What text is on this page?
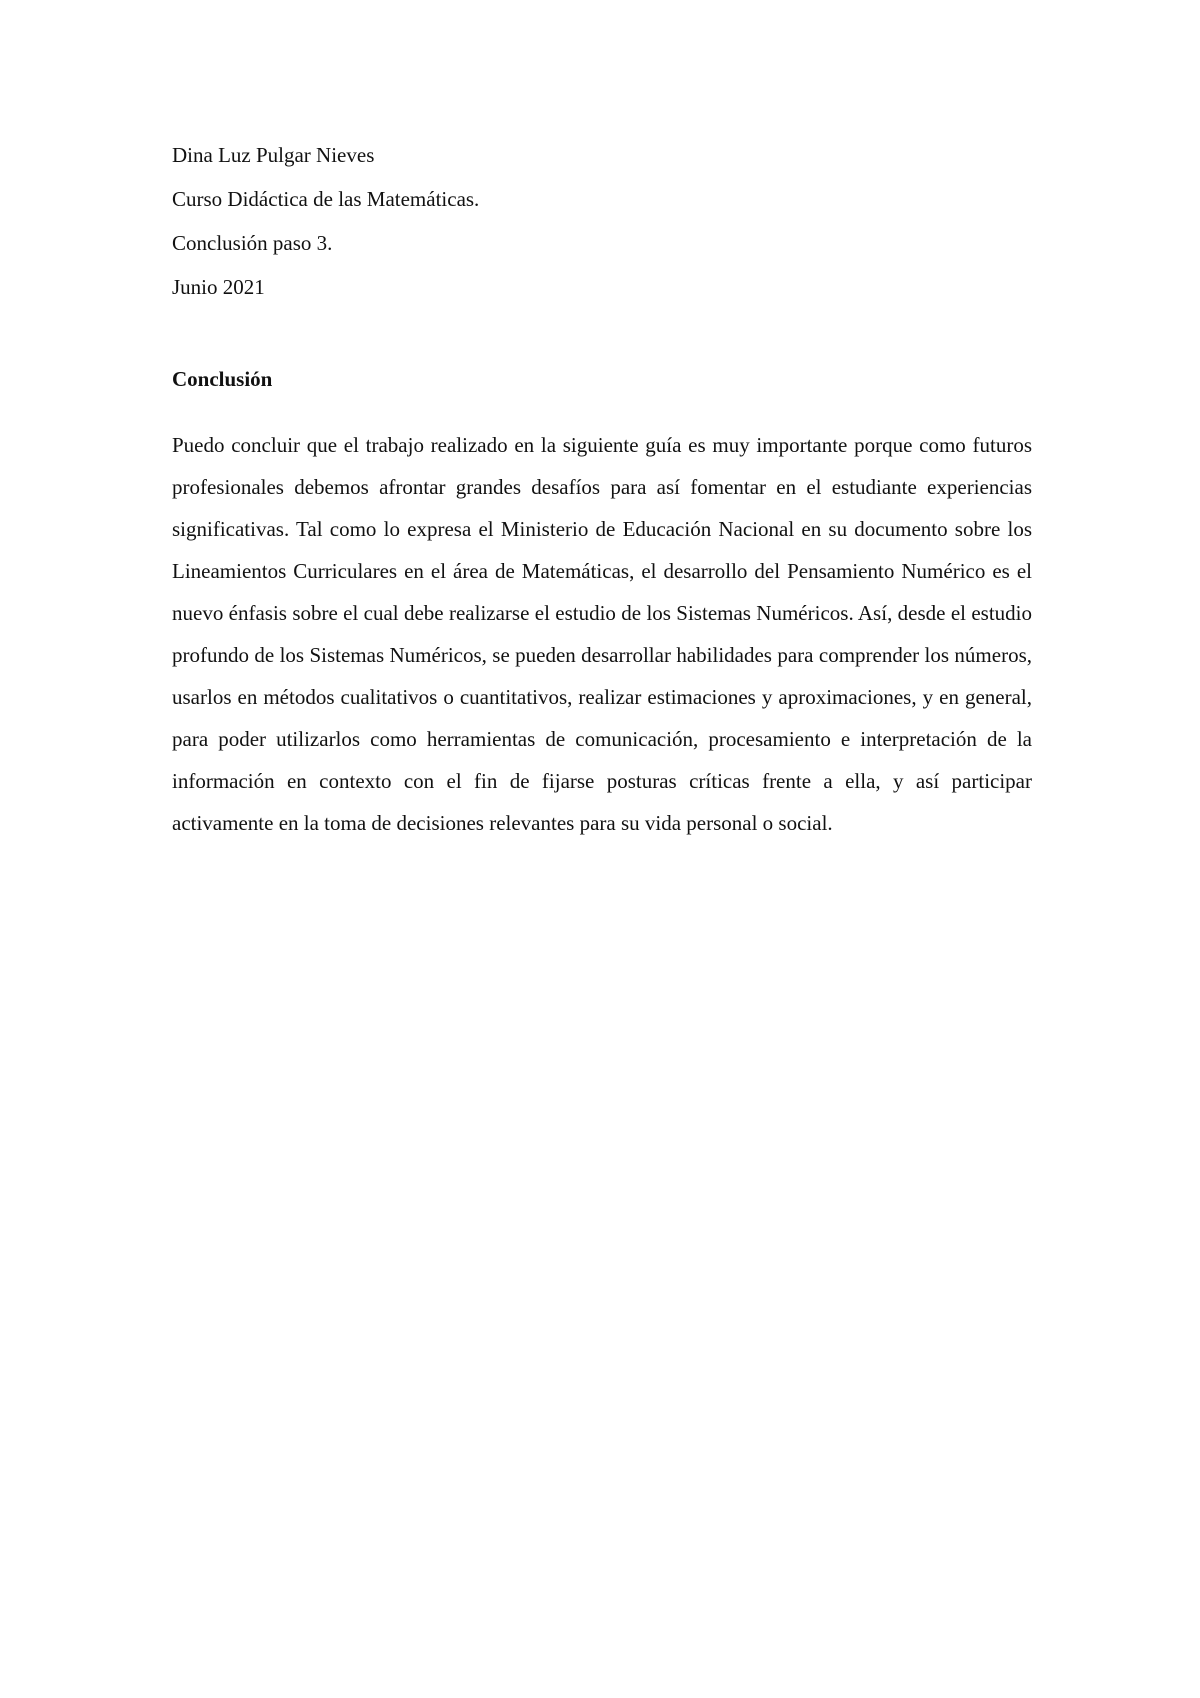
Dina Luz Pulgar Nieves

Curso Didáctica de las Matemáticas.

Conclusión paso 3.

Junio 2021

Conclusión

Puedo concluir que el trabajo realizado en la siguiente guía es muy importante porque como futuros profesionales debemos afrontar grandes desafíos para así fomentar en el estudiante experiencias significativas. Tal como lo expresa el Ministerio de Educación Nacional en su documento sobre los Lineamientos Curriculares en el área de Matemáticas, el desarrollo del Pensamiento Numérico es el nuevo énfasis sobre el cual debe realizarse el estudio de los Sistemas Numéricos. Así, desde el estudio profundo de los Sistemas Numéricos, se pueden desarrollar habilidades para comprender los números, usarlos en métodos cualitativos o cuantitativos, realizar estimaciones y aproximaciones, y en general, para poder utilizarlos como herramientas de comunicación, procesamiento e interpretación de la información en contexto con el fin de fijarse posturas críticas frente a ella, y así participar activamente en la toma de decisiones relevantes para su vida personal o social.
